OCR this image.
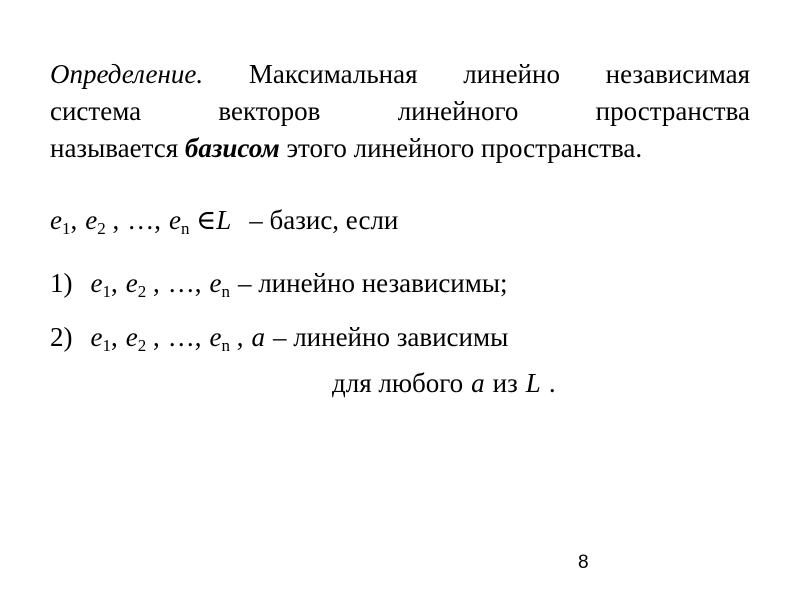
Определение. Максимальная линейно независимая
система векторов линейного пространства
называется базисом этого линейного пространства.

$e_1$, $e_2$ , …, $e_n$ ∈L – базис, если
1) $e_1$, $e_2$ , …, $e_n$ – линейно независимы;
2) $e_1$, $e_2$ , …, $e_n$ , a – линейно зависимы
для любого a из L .
8
